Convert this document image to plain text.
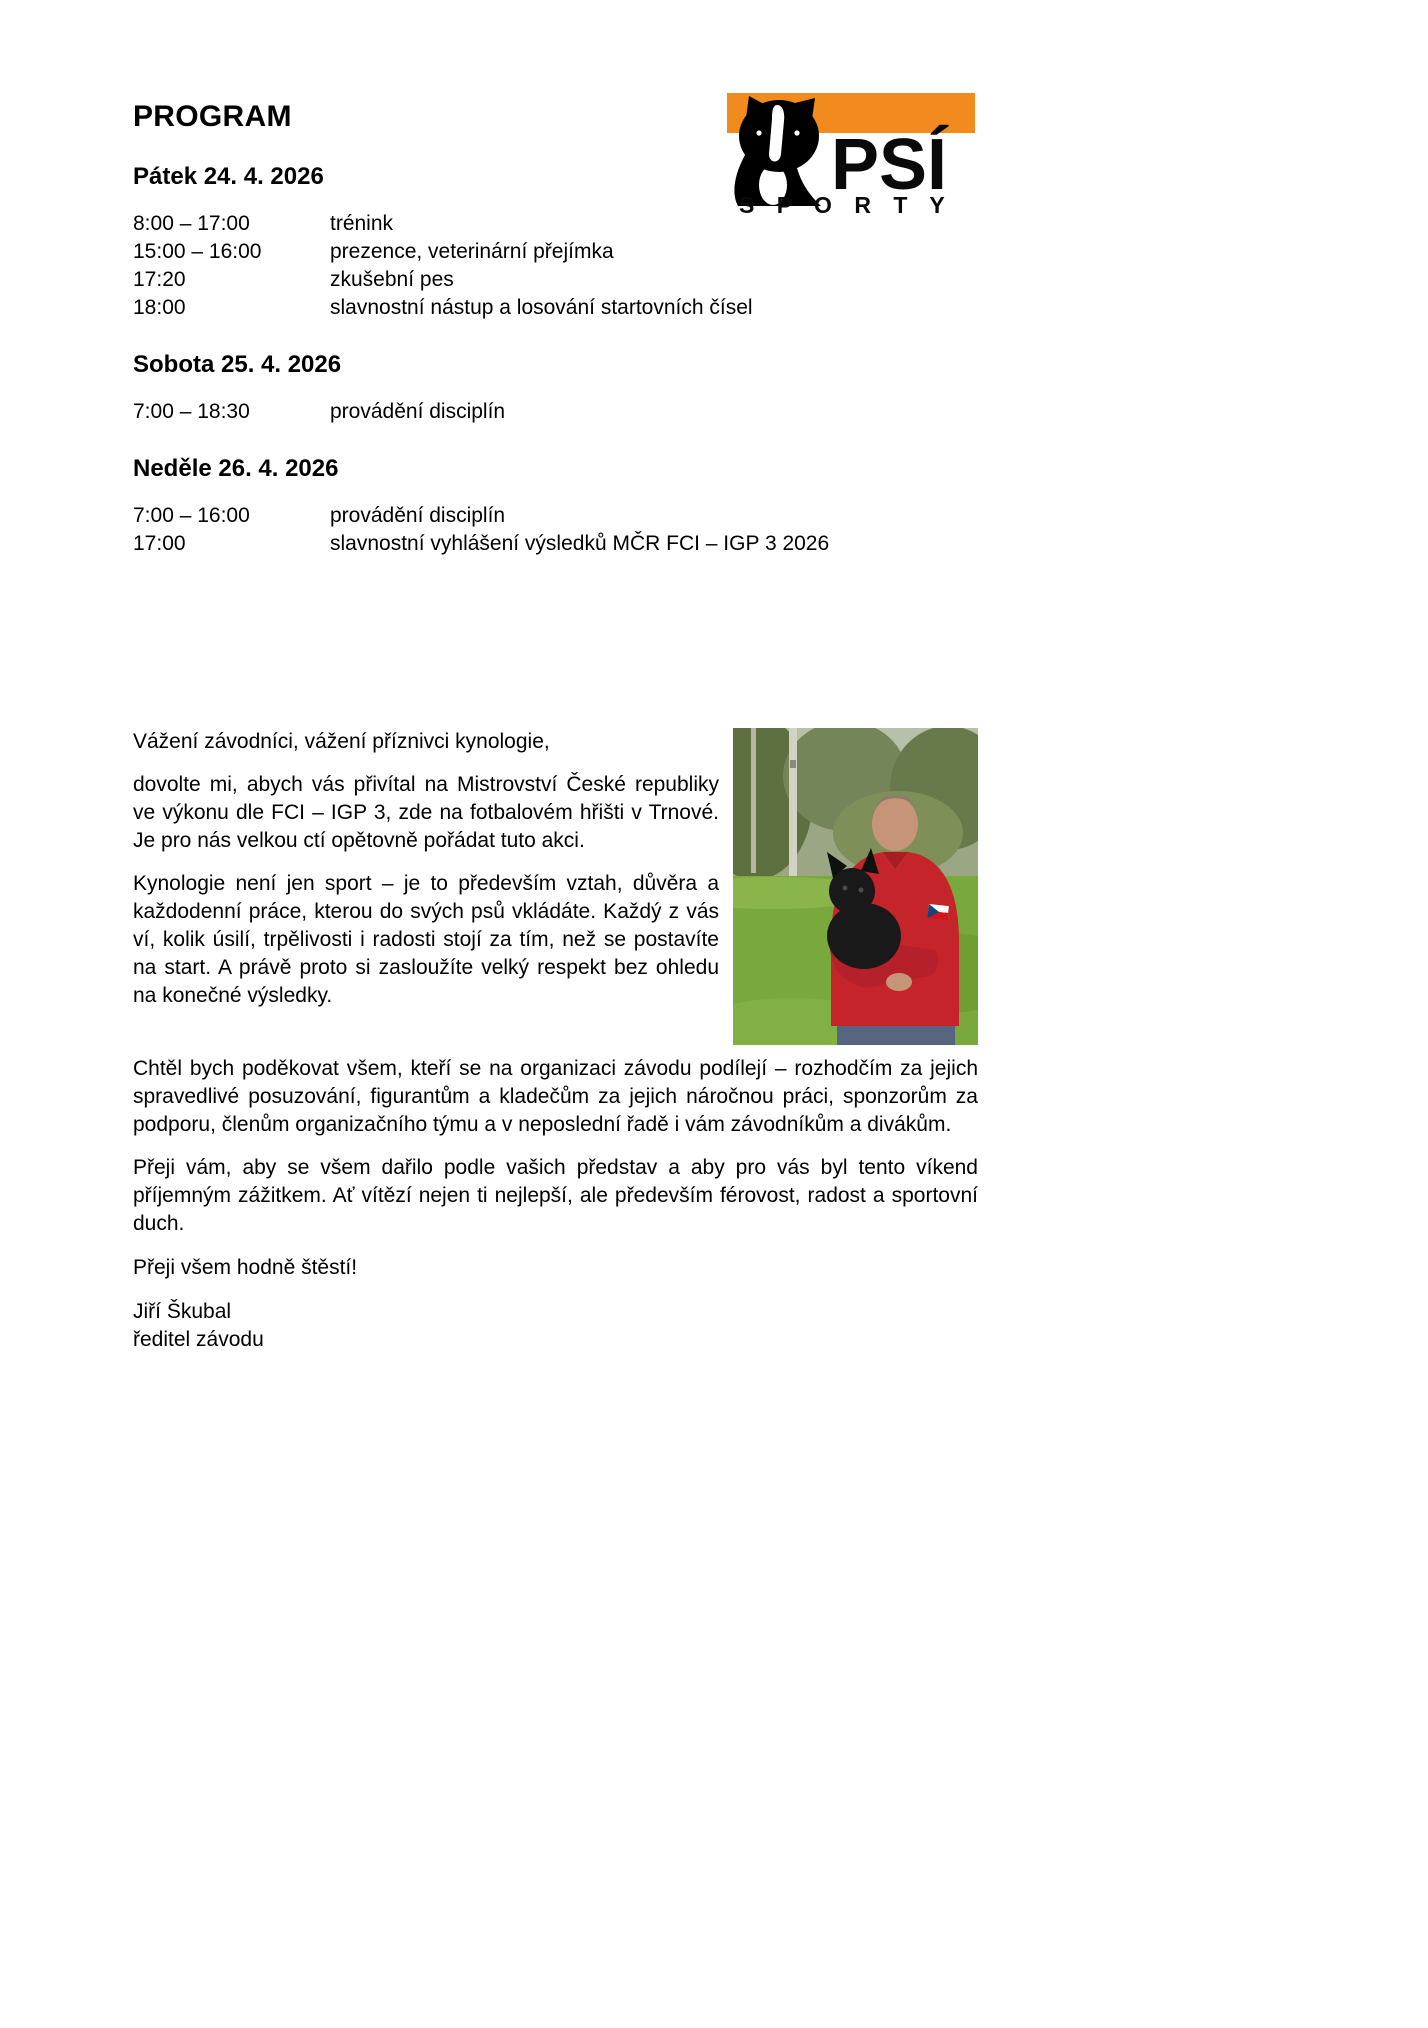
PSÍ
S P O R T Y
PROGRAM
Pátek 24. 4. 2026
8:00 – 17:00	trénink
15:00 – 16:00	prezence, veterinární přejímka
17:20	zkušební pes
18:00	slavnostní nástup a losování startovních čísel
Sobota 25. 4. 2026
7:00 – 18:30	provádění disciplín
Neděle 26. 4. 2026
7:00 – 16:00	provádění disciplín
17:00	slavnostní vyhlášení výsledků MČR FCI – IGP 3 2026

Vážení závodníci, vážení příznivci kynologie,

dovolte mi, abych vás přivítal na Mistrovství České republiky ve výkonu dle FCI – IGP 3, zde na fotbalovém hřišti v Trnové. Je pro nás velkou ctí opětovně pořádat tuto akci.

Kynologie není jen sport – je to především vztah, důvěra a každodenní práce, kterou do svých psů vkládáte. Každý z vás ví, kolik úsilí, trpělivosti i radosti stojí za tím, než se postavíte na start. A právě proto si zasloužíte velký respekt bez ohledu na konečné výsledky.

Chtěl bych poděkovat všem, kteří se na organizaci závodu podílejí – rozhodčím za jejich spravedlivé posuzování, figurantům a kladečům za jejich náročnou práci, sponzorům za podporu, členům organizačního týmu a v neposlední řadě i vám závodníkům a divákům.

Přeji vám, aby se všem dařilo podle vašich představ a aby pro vás byl tento víkend příjemným zážitkem. Ať vítězí nejen ti nejlepší, ale především férovost, radost a sportovní duch.

Přeji všem hodně štěstí!

Jiří Škubal
ředitel závodu
